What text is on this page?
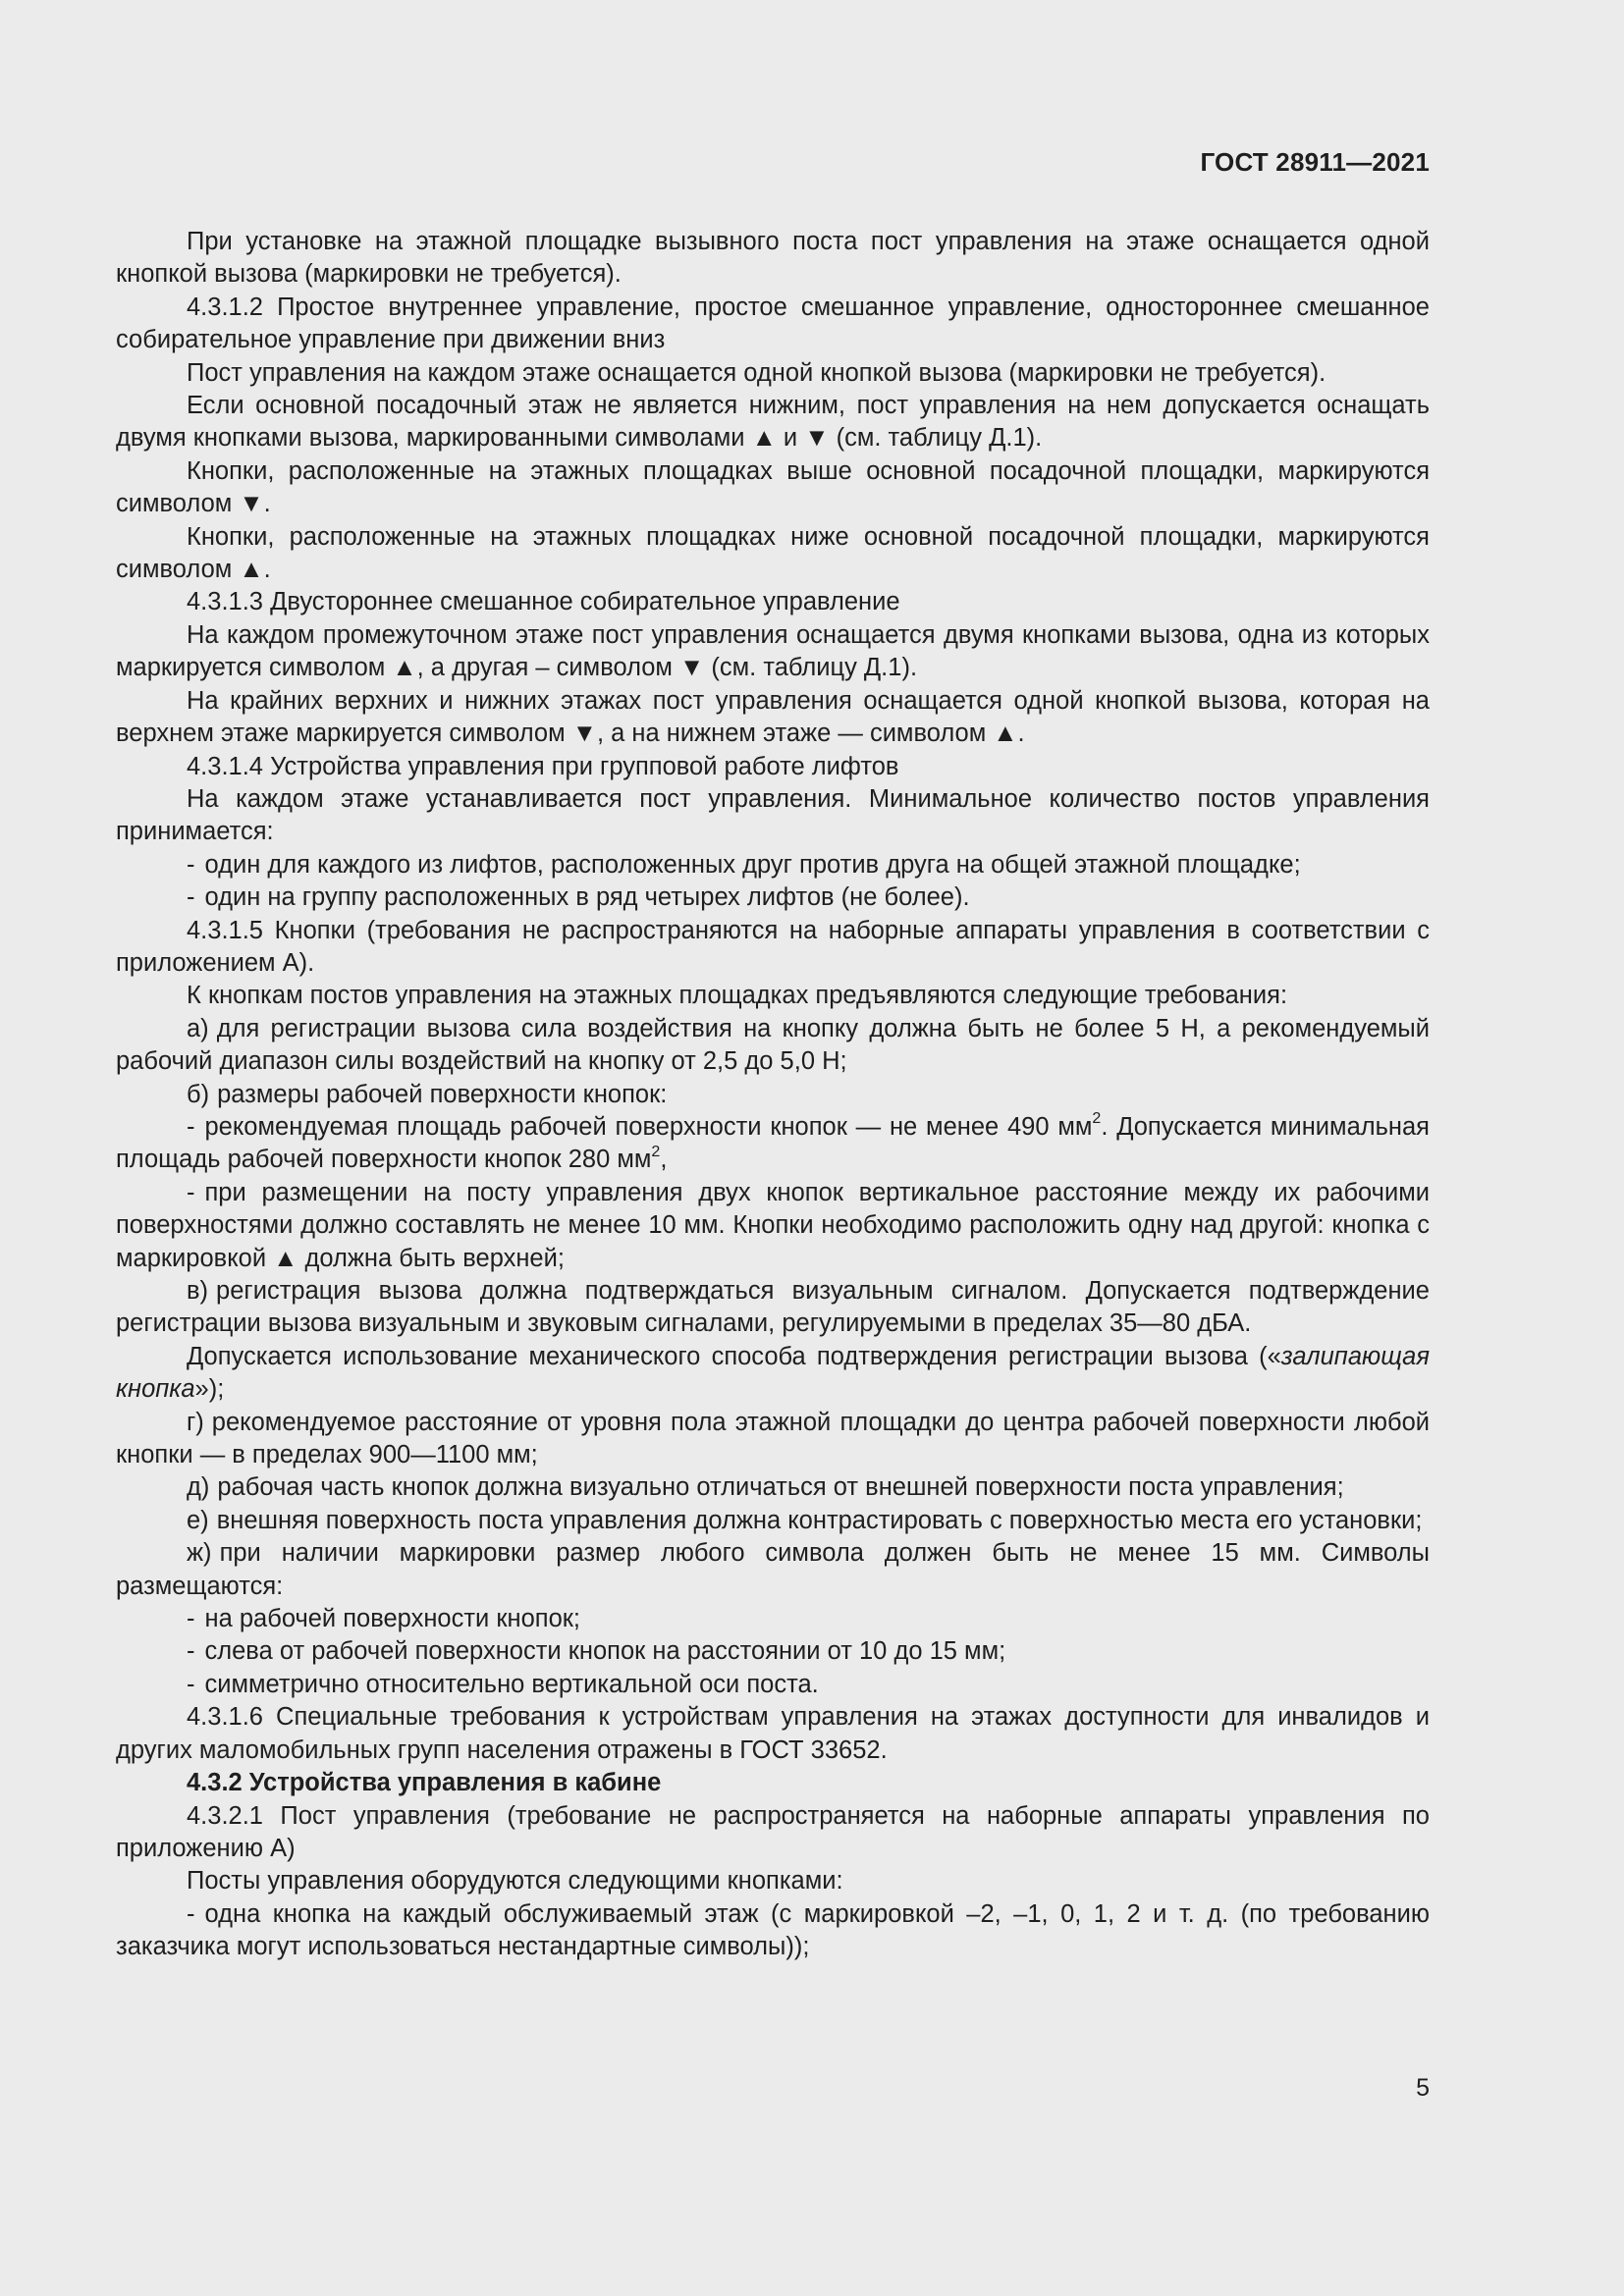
ГОСТ 28911—2021

При установке на этажной площадке вызывного поста пост управления на этаже оснащается одной кнопкой вызова (маркировки не требуется).

4.3.1.2 Простое внутреннее управление, простое смешанное управление, одностороннее смешанное собирательное управление при движении вниз

Пост управления на каждом этаже оснащается одной кнопкой вызова (маркировки не требуется).

Если основной посадочный этаж не является нижним, пост управления на нем допускается оснащать двумя кнопками вызова, маркированными символами ▲ и ▼ (см. таблицу Д.1).

Кнопки, расположенные на этажных площадках выше основной посадочной площадки, маркируются символом ▼.

Кнопки, расположенные на этажных площадках ниже основной посадочной площадки, маркируются символом ▲.

4.3.1.3 Двустороннее смешанное собирательное управление

На каждом промежуточном этаже пост управления оснащается двумя кнопками вызова, одна из которых маркируется символом ▲, а другая – символом ▼ (см. таблицу Д.1).

На крайних верхних и нижних этажах пост управления оснащается одной кнопкой вызова, которая на верхнем этаже маркируется символом ▼, а на нижнем этаже — символом ▲.

4.3.1.4 Устройства управления при групповой работе лифтов

На каждом этаже устанавливается пост управления. Минимальное количество постов управления принимается:

- один для каждого из лифтов, расположенных друг против друга на общей этажной площадке;

- один на группу расположенных в ряд четырех лифтов (не более).

4.3.1.5 Кнопки (требования не распространяются на наборные аппараты управления в соответствии с приложением А).

К кнопкам постов управления на этажных площадках предъявляются следующие требования:

а) для регистрации вызова сила воздействия на кнопку должна быть не более 5 Н, а рекомендуемый рабочий диапазон силы воздействий на кнопку от 2,5 до 5,0 Н;

б) размеры рабочей поверхности кнопок:

- рекомендуемая площадь рабочей поверхности кнопок — не менее 490 $мм^2$. Допускается минимальная площадь рабочей поверхности кнопок 280 $мм^2$,

- при размещении на посту управления двух кнопок вертикальное расстояние между их рабочими поверхностями должно составлять не менее 10 мм. Кнопки необходимо расположить одну над другой: кнопка с маркировкой ▲ должна быть верхней;

в) регистрация вызова должна подтверждаться визуальным сигналом. Допускается подтверждение регистрации вызова визуальным и звуковым сигналами, регулируемыми в пределах 35—80 дБА.

Допускается использование механического способа подтверждения регистрации вызова («залипающая кнопка»);

г) рекомендуемое расстояние от уровня пола этажной площадки до центра рабочей поверхности любой кнопки — в пределах 900—1100 мм;

д) рабочая часть кнопок должна визуально отличаться от внешней поверхности поста управления;

е) внешняя поверхность поста управления должна контрастировать с поверхностью места его установки;

ж) при наличии маркировки размер любого символа должен быть не менее 15 мм. Символы размещаются:

- на рабочей поверхности кнопок;

- слева от рабочей поверхности кнопок на расстоянии от 10 до 15 мм;

- симметрично относительно вертикальной оси поста.

4.3.1.6 Специальные требования к устройствам управления на этажах доступности для инвалидов и других маломобильных групп населения отражены в ГОСТ 33652.

4.3.2 Устройства управления в кабине

4.3.2.1 Пост управления (требование не распространяется на наборные аппараты управления по приложению А)

Посты управления оборудуются следующими кнопками:

- одна кнопка на каждый обслуживаемый этаж (с маркировкой –2, –1, 0, 1, 2 и т. д. (по требованию заказчика могут использоваться нестандартные символы));

5
